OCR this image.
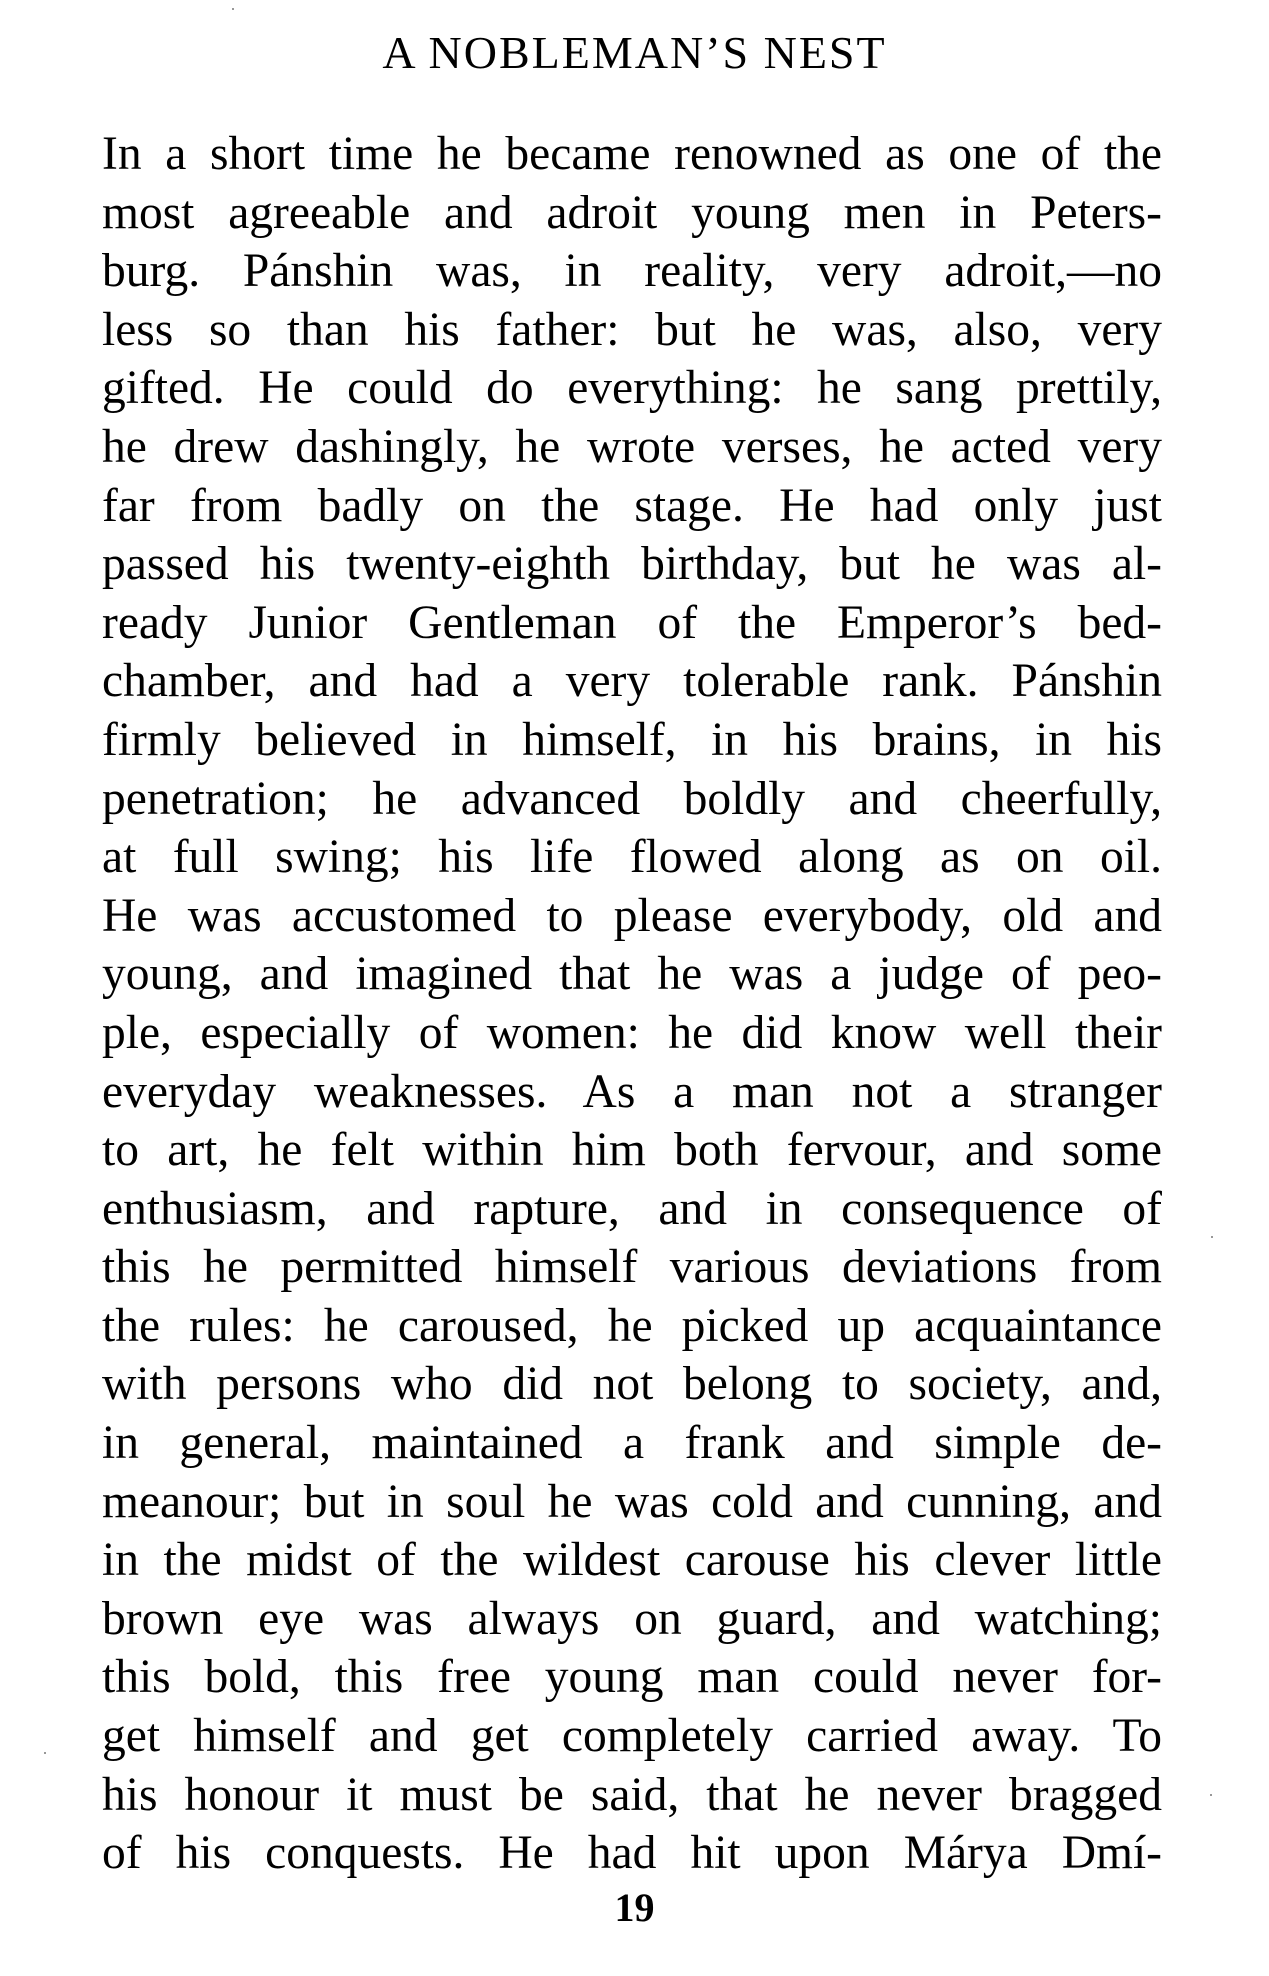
A NOBLEMAN’S NEST
In a short time he became renowned as one of the
most agreeable and adroit young men in Peters-
burg. Pánshin was, in reality, very adroit,—no
less so than his father: but he was, also, very
gifted. He could do everything: he sang prettily,
he drew dashingly, he wrote verses, he acted very
far from badly on the stage. He had only just
passed his twenty-eighth birthday, but he was al-
ready Junior Gentleman of the Emperor’s bed-
chamber, and had a very tolerable rank. Pánshin
firmly believed in himself, in his brains, in his
penetration; he advanced boldly and cheerfully,
at full swing; his life flowed along as on oil.
He was accustomed to please everybody, old and
young, and imagined that he was a judge of peo-
ple, especially of women: he did know well their
everyday weaknesses. As a man not a stranger
to art, he felt within him both fervour, and some
enthusiasm, and rapture, and in consequence of
this he permitted himself various deviations from
the rules: he caroused, he picked up acquaintance
with persons who did not belong to society, and,
in general, maintained a frank and simple de-
meanour; but in soul he was cold and cunning, and
in the midst of the wildest carouse his clever little
brown eye was always on guard, and watching;
this bold, this free young man could never for-
get himself and get completely carried away. To
his honour it must be said, that he never bragged
of his conquests. He had hit upon Márya Dmí-
19
